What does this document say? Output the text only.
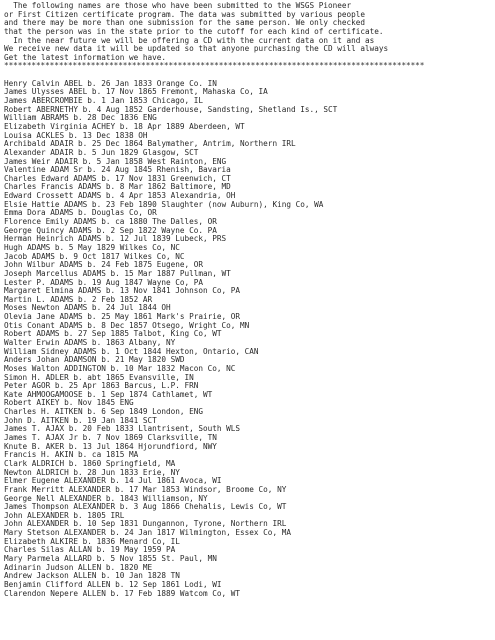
The following names are those who have been submitted to the WSGS Pioneer
or First Citizen certificate program. The data was submitted by various people
and there may be more than one submission for the same person. We only checked
that the person was in the state prior to the cutoff for each kind of certificate.
In the near future we will be offering a CD with the current data on it and as
We receive new data it will be updated so that anyone purchasing the CD will always
Get the latest information we have.
********************************************************************************************
Henry Calvin ABEL b. 26 Jan 1833 Orange Co. IN
James Ulysses ABEL b. 17 Nov 1865 Fremont, Mahaska Co, IA
James ABERCROMBIE b. 1 Jan 1853 Chicago, IL
Robert ABERNETHY b. 4 Aug 1852 Garderhouse, Sandsting, Shetland Is., SCT
William ABRAMS b. 28 Dec 1836 ENG
Elizabeth Virginia ACHEY b. 18 Apr 1889 Aberdeen, WT
Louisa ACKLES b. 13 Dec 1838 OH
Archibald ADAIR b. 25 Dec 1864 Balymather, Antrim, Northern IRL
Alexander ADAIR b. 5 Jun 1829 Glasgow, SCT
James Weir ADAIR b. 5 Jan 1858 West Rainton, ENG
Valentine ADAM Sr b. 24 Aug 1845 Rhenish, Bavaria
Charles Edward ADAMS b. 17 Nov 1831 Greenwich, CT
Charles Francis ADAMS b. 8 Mar 1862 Baltimore, MD
Edward Crossett ADAMS b. 4 Apr 1853 Alexandria, OH
Elsie Hattie ADAMS b. 23 Feb 1890 Slaughter (now Auburn), King Co, WA
Emma Dora ADAMS b. Douglas Co, OR
Florence Emily ADAMS b. ca 1880 The Dalles, OR
George Quincy ADAMS b. 2 Sep 1822 Wayne Co. PA
Herman Heinrich ADAMS b. 12 Jul 1839 Lubeck, PRS
Hugh ADAMS b. 5 May 1829 Wilkes Co, NC
Jacob ADAMS b. 9 Oct 1817 Wilkes Co, NC
John Wilbur ADAMS b. 24 Feb 1875 Eugene, OR
Joseph Marcellus ADAMS b. 15 Mar 1887 Pullman, WT
Lester P. ADAMS b. 19 Aug 1847 Wayne Co, PA
Margaret Elmina ADAMS b. 13 Nov 1841 Johnson Co, PA
Martin L. ADAMS b. 2 Feb 1852 AR
Moses Newton ADAMS b. 24 Jul 1844 OH
Olevia Jane ADAMS b. 25 May 1861 Mark's Prairie, OR
Otis Conant ADAMS b. 8 Dec 1857 Otsego, Wright Co, MN
Robert ADAMS b. 27 Sep 1885 Talbot, King Co, WT
Walter Erwin ADAMS b. 1863 Albany, NY
William Sidney ADAMS b. 1 Oct 1844 Hexton, Ontario, CAN
Anders Johan ADAMSON b. 21 May 1820 SWD
Moses Walton ADDINGTON b. 10 Mar 1832 Macon Co, NC
Simon H. ADLER b. abt 1865 Evansville, IN
Peter AGOR b. 25 Apr 1863 Barcus, L.P. FRN
Kate AHMOOGAMOOSE b. 1 Sep 1874 Cathlamet, WT
Robert AIKEY b. Nov 1845 ENG
Charles H. AITKEN b. 6 Sep 1849 London, ENG
John D. AITKEN b. 19 Jan 1841 SCT
James T. AJAX b. 20 Feb 1833 Llantrisent, South WLS
James T. AJAX Jr b. 7 Nov 1869 Clarksville, TN
Knute B. AKER b. 13 Jul 1864 Hjorundfiord, NWY
Francis H. AKIN b. ca 1815 MA
Clark ALDRICH b. 1860 Springfield, MA
Newton ALDRICH b. 28 Jun 1833 Erie, NY
Elmer Eugene ALEXANDER b. 14 Jul 1861 Avoca, WI
Frank Merritt ALEXANDER b. 17 Mar 1853 Windsor, Broome Co, NY
George Nell ALEXANDER b. 1843 Williamson, NY
James Thompson ALEXANDER b. 3 Aug 1866 Chehalis, Lewis Co, WT
John ALEXANDER b. 1805 IRL
John ALEXANDER b. 10 Sep 1831 Dungannon, Tyrone, Northern IRL
Mary Stetson ALEXANDER b. 24 Jan 1817 Wilmington, Essex Co, MA
Elizabeth ALKIRE b. 1836 Menard Co, IL
Charles Silas ALLAN b. 19 May 1959 PA
Mary Parmela ALLARD b. 5 Nov 1855 St. Paul, MN
Adinarin Judson ALLEN b. 1820 ME
Andrew Jackson ALLEN b. 10 Jan 1828 TN
Benjamin Clifford ALLEN b. 12 Sep 1861 Lodi, WI
Clarendon Nepere ALLEN b. 17 Feb 1889 Watcom Co, WT
